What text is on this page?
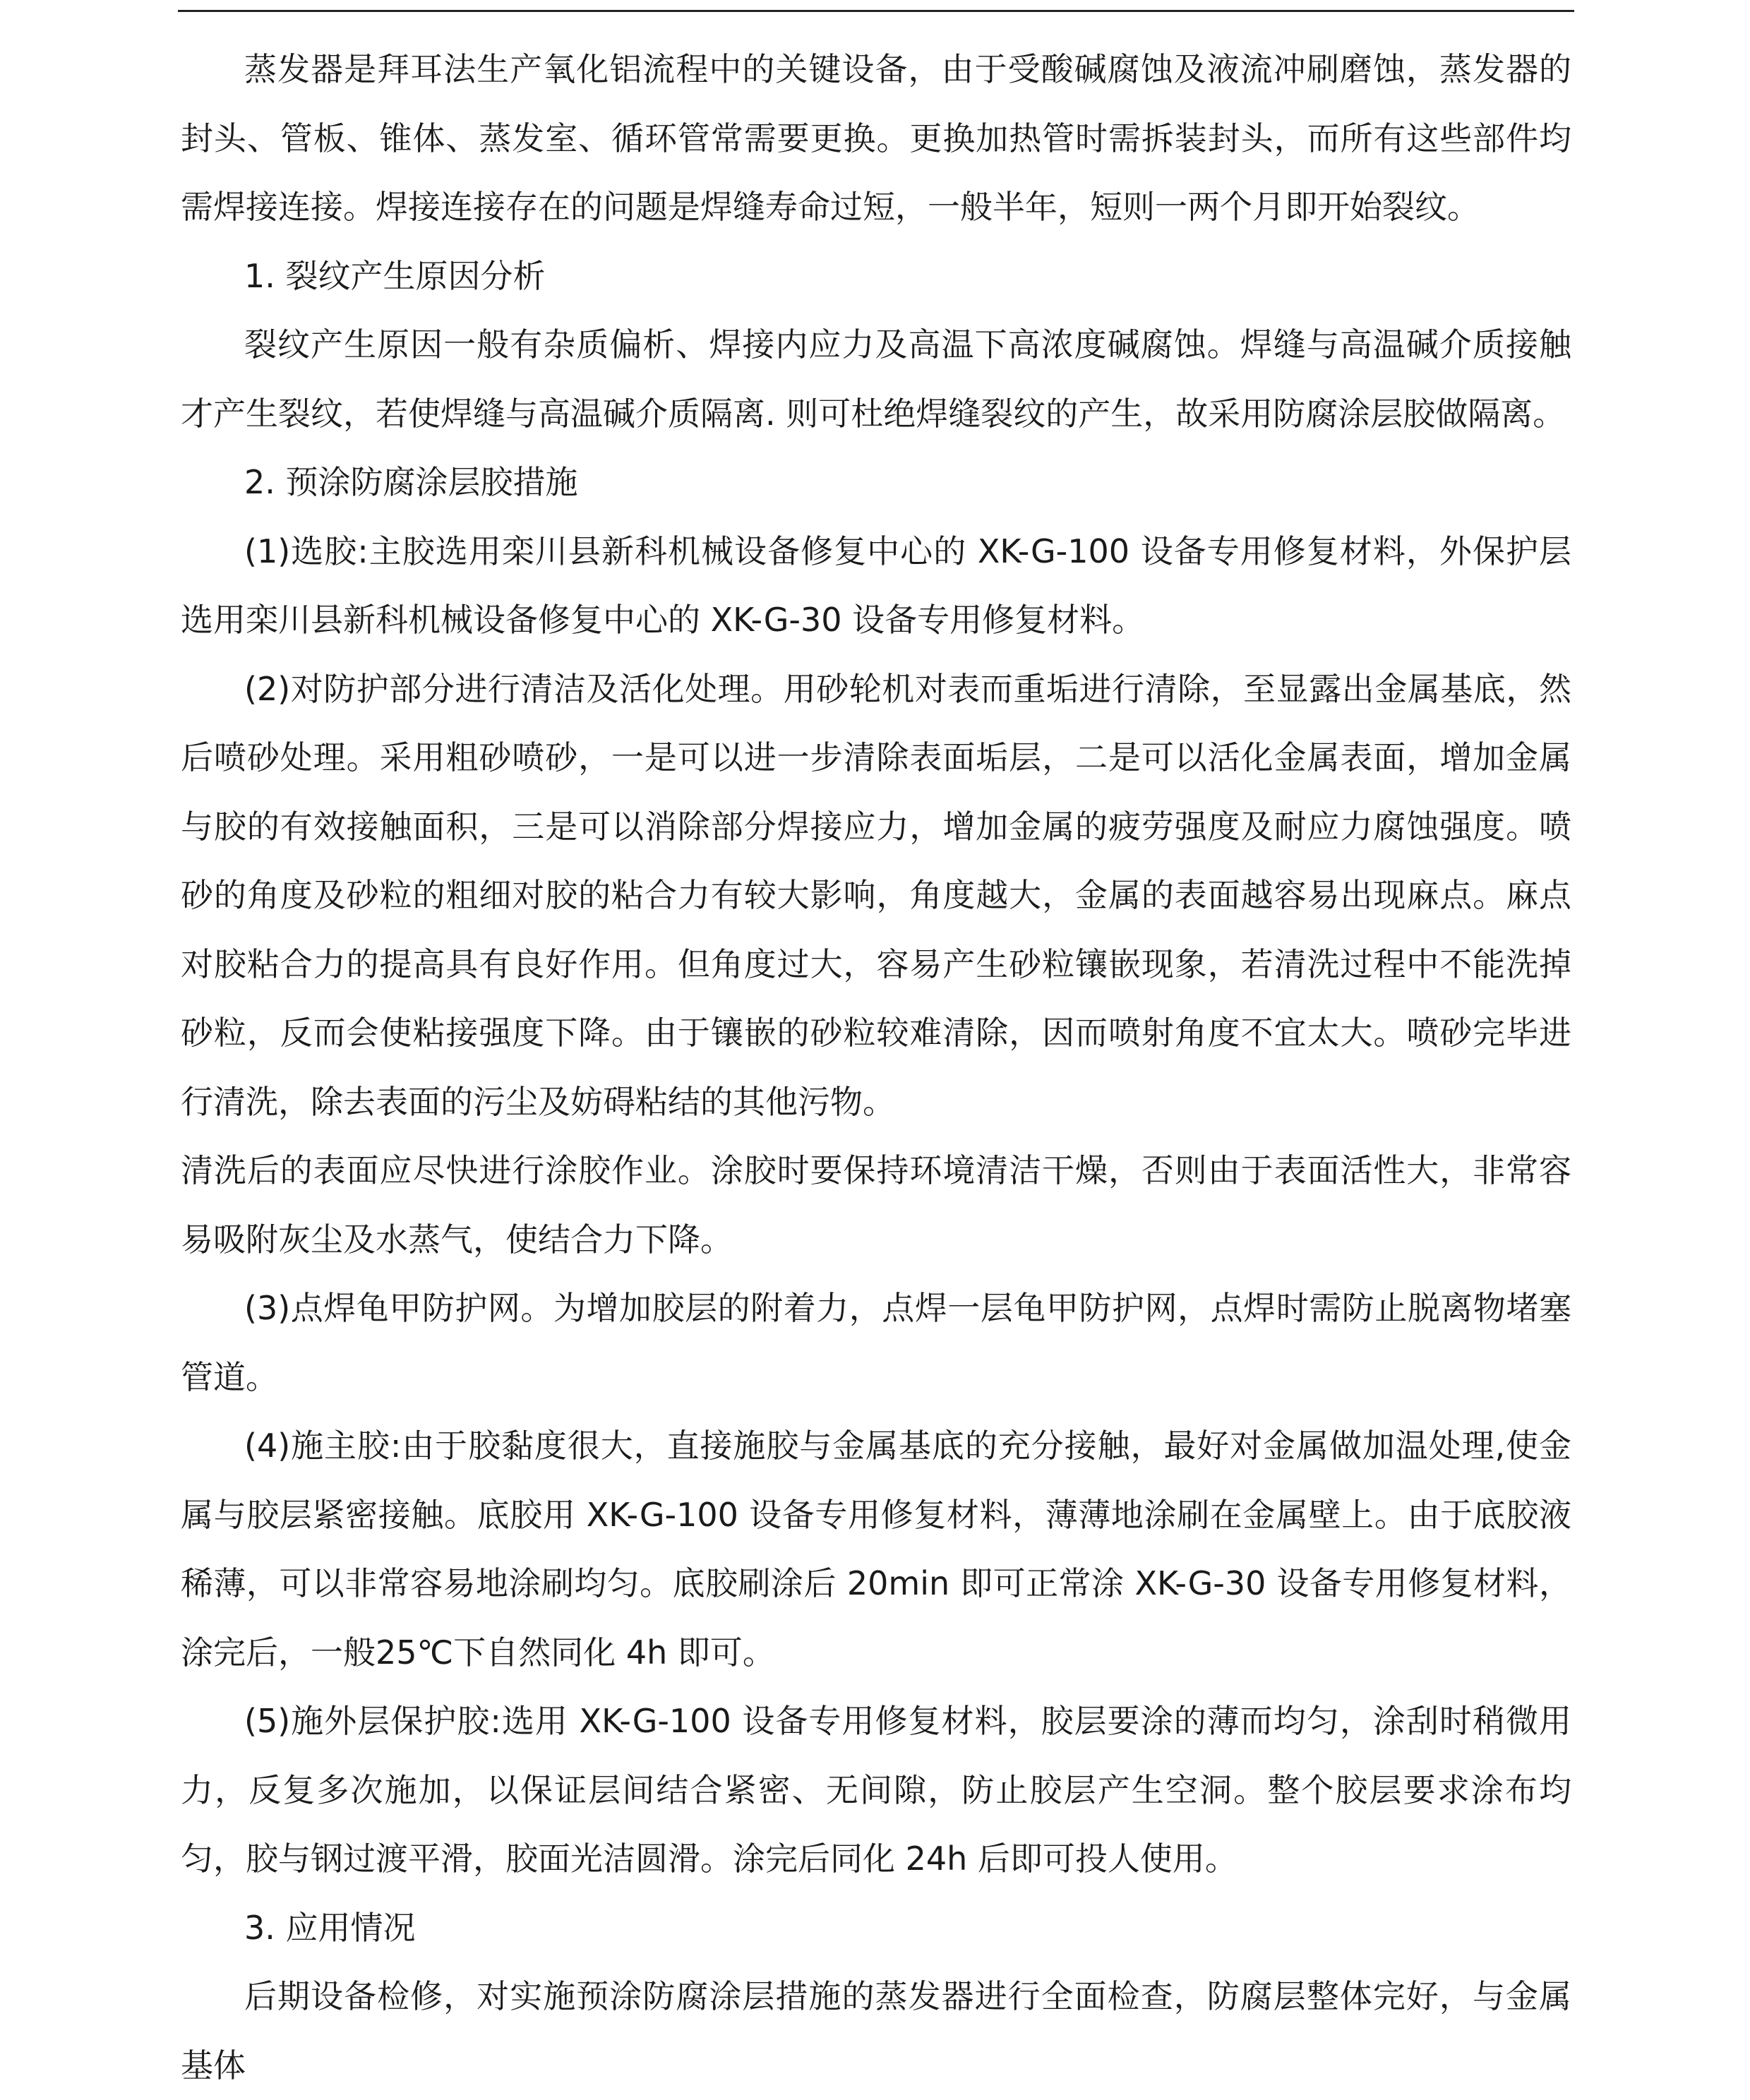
蒸发器是拜耳法生产氧化铝流程中的关键设备，由于受酸碱腐蚀及液流冲刷磨蚀，蒸发器的封头、管板、锥体、蒸发室、循环管常需要更换。更换加热管时需拆装封头，而所有这些部件均需焊接连接。焊接连接存在的问题是焊缝寿命过短，一般半年，短则一两个月即开始裂纹。

1. 裂纹产生原因分析

裂纹产生原因一般有杂质偏析、焊接内应力及高温下高浓度碱腐蚀。焊缝与高温碱介质接触才产生裂纹，若使焊缝与高温碱介质隔离. 则可杜绝焊缝裂纹的产生，故采用防腐涂层胶做隔离。

2. 预涂防腐涂层胶措施

(1)选胶:主胶选用栾川县新科机械设备修复中心的 XK-G-100 设备专用修复材料，外保护层选用栾川县新科机械设备修复中心的 XK-G-30 设备专用修复材料。

(2)对防护部分进行清洁及活化处理。用砂轮机对表而重垢进行清除，至显露出金属基底，然后喷砂处理。采用粗砂喷砂，一是可以进一步清除表面垢层，二是可以活化金属表面，增加金属与胶的有效接触面积，三是可以消除部分焊接应力，增加金属的疲劳强度及耐应力腐蚀强度。喷砂的角度及砂粒的粗细对胶的粘合力有较大影响，角度越大，金属的表面越容易出现麻点。麻点对胶粘合力的提高具有良好作用。但角度过大，容易产生砂粒镶嵌现象，若清洗过程中不能洗掉砂粒，反而会使粘接强度下降。由于镶嵌的砂粒较难清除，因而喷射角度不宜太大。喷砂完毕进行清洗，除去表面的污尘及妨碍粘结的其他污物。

清洗后的表面应尽快进行涂胶作业。涂胶时要保持环境清洁干燥，否则由于表面活性大，非常容易吸附灰尘及水蒸气，使结合力下降。

(3)点焊龟甲防护网。为增加胶层的附着力，点焊一层龟甲防护网，点焊时需防止脱离物堵塞管道。

(4)施主胶:由于胶黏度很大，直接施胶与金属基底的充分接触，最好对金属做加温处理,使金属与胶层紧密接触。底胶用 XK-G-100 设备专用修复材料，薄薄地涂刷在金属壁上。由于底胶液稀薄，可以非常容易地涂刷均匀。底胶刷涂后 20min 即可正常涂 XK-G-30 设备专用修复材料，涂完后，一般25℃下自然同化 4h 即可。

(5)施外层保护胶:选用 XK-G-100 设备专用修复材料，胶层要涂的薄而均匀，涂刮时稍微用力，反复多次施加，以保证层间结合紧密、无间隙，防止胶层产生空洞。整个胶层要求涂布均匀，胶与钢过渡平滑，胶面光洁圆滑。涂完后同化 24h 后即可投人使用。

3. 应用情况

后期设备检修，对实施预涂防腐涂层措施的蒸发器进行全面检查，防腐层整体完好，与金属基体
